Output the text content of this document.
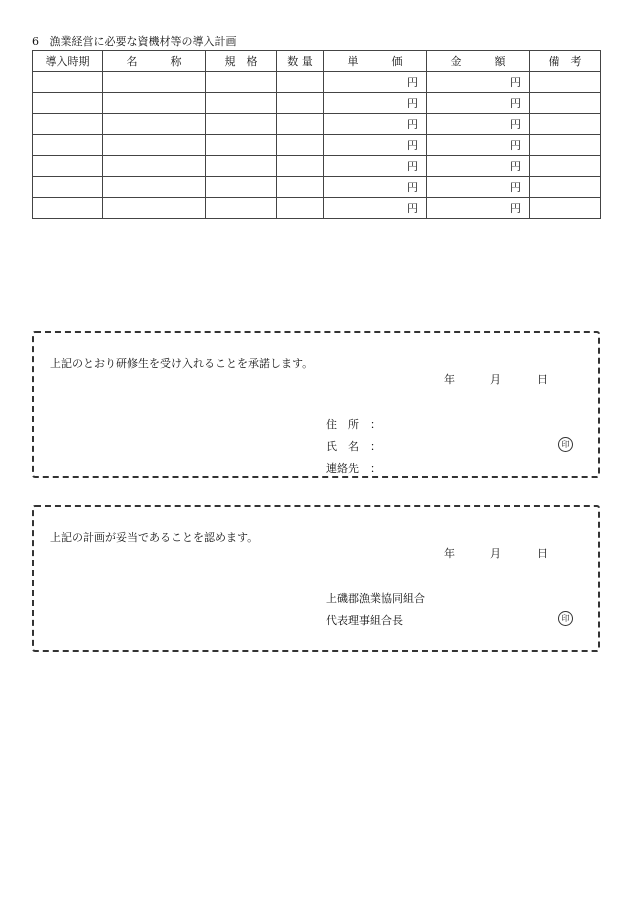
6 漁業経営に必要な資機材等の導入計画
導入時期	名　　　称	規　格	数 量	単　　　価	金　　　額	備　考
				円	円	
				円	円	
				円	円	
				円	円	
				円	円	
				円	円	
				円	円	
上記のとおり研修生を受け入れることを承諾します。
年	月	日
住　所　：
氏　名　：
連絡先　：
印
上記の計画が妥当であることを認めます。
年	月	日
上磯郡漁業協同組合
代表理事組合長	印
